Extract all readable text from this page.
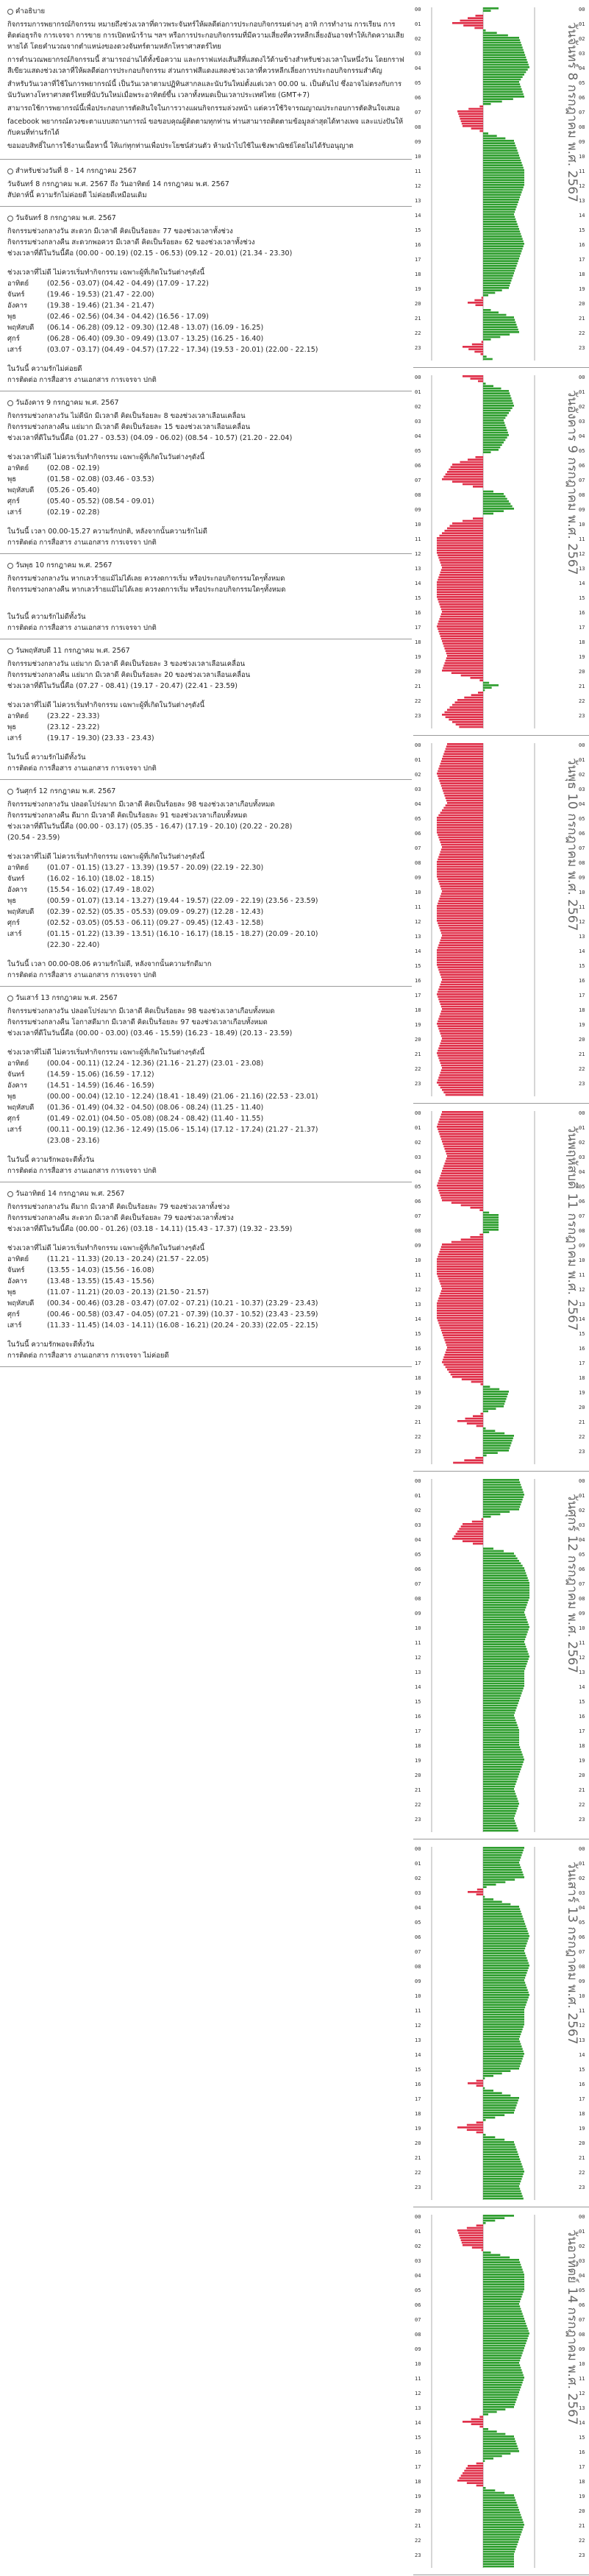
คำอธิบาย

กิจกรรมการพยากรณ์กิจกรรม หมายถึงช่วงเวลาที่ดาวพระจันทร์ให้ผลดีต่อการประกอบกิจกรรมต่างๆ อาทิ การทำงาน การเรียน การติดต่อธุรกิจ การเจรจา การขาย การเปิดหน้าร้าน ฯลฯ หรือการประกอบกิจกรรมที่มีความเสี่ยงที่ควรหลีกเลี่ยงอันอาจทำให้เกิดความเสียหายได้ โดยคำนวณจากตำแหน่งของดวงจันทร์ตามหลักโหราศาสตร์ไทย

การคำนวณพยากรณ์กิจกรรมนี้ สามารถอ่านได้ทั้งข้อความ และกราฟแท่งเส้นสีที่แสดงไว้ด้านข้างสำหรับช่วงเวลาในหนึ่งวัน โดยกราฟสีเขียวแสดงช่วงเวลาที่ให้ผลดีต่อการประกอบกิจกรรม ส่วนกราฟสีแดงแสดงช่วงเวลาที่ควรหลีกเลี่ยงการประกอบกิจกรรมสำคัญ

สำหรับวันเวลาที่ใช้ในการพยากรณ์นี้ เป็นวันเวลาตามปฏิทินสากลและนับวันใหม่ตั้งแต่เวลา 00.00 น. เป็นต้นไป ซึ่งอาจไม่ตรงกับการนับวันทางโหราศาสตร์ไทยที่นับวันใหม่เมื่อพระอาทิตย์ขึ้น เวลาทั้งหมดเป็นเวลาประเทศไทย (GMT+7)

สามารถใช้การพยากรณ์นี้เพื่อประกอบการตัดสินใจในการวางแผนกิจกรรมล่วงหน้า แต่ควรใช้วิจารณญาณประกอบการตัดสินใจเสมอ

facebook พยากรณ์ดวงชะตาแบบสถานการณ์ ขอขอบคุณผู้ติดตามทุกท่าน ท่านสามารถติดตามข้อมูลล่าสุดได้ทางเพจ และแบ่งปันให้กับคนที่ท่านรักได้

ขอมอบสิทธิ์ในการใช้งานเนื้อหานี้ ให้แก่ทุกท่านเพื่อประโยชน์ส่วนตัว ห้ามนำไปใช้ในเชิงพาณิชย์โดยไม่ได้รับอนุญาต

สำหรับช่วงวันที่ 8 - 14 กรกฎาคม 2567
วันจันทร์ 8 กรกฎาคม พ.ศ. 2567 ถึง วันอาทิตย์ 14 กรกฎาคม พ.ศ. 2567
สัปดาห์นี้ ความรักไม่ค่อยดี ไม่ค่อยดีเหมือนเดิม
วันจันทร์ 8 กรกฎาคม พ.ศ. 2567
กิจกรรมช่วงกลางวัน สะดวก มีเวลาดี คิดเป็นร้อยละ 77 ของช่วงเวลาทั้งช่วง
กิจกรรมช่วงกลางคืน สะดวกพอควร มีเวลาดี คิดเป็นร้อยละ 62 ของช่วงเวลาทั้งช่วง
ช่วงเวลาที่ดีในวันนี้คือ (00.00 - 00.19) (02.15 - 06.53) (09.12 - 20.01) (21.34 - 23.30)
ช่วงเวลาที่ไม่ดี ไม่ควรเริ่มทำกิจกรรม เฉพาะผู้ที่เกิดในวันต่างๆดังนี้
อาทิตย์	(02.56 - 03.07) (04.42 - 04.49) (17.09 - 17.22)
จันทร์	(19.46 - 19.53) (21.47 - 22.00)
อังคาร	(19.38 - 19.46) (21.34 - 21.47)
พุธ	(02.46 - 02.56) (04.34 - 04.42) (16.56 - 17.09)
พฤหัสบดี	(06.14 - 06.28) (09.12 - 09.30) (12.48 - 13.07) (16.09 - 16.25)
ศุกร์	(06.28 - 06.40) (09.30 - 09.49) (13.07 - 13.25) (16.25 - 16.40)
เสาร์	(03.07 - 03.17) (04.49 - 04.57) (17.22 - 17.34) (19.53 - 20.01) (22.00 - 22.15)
ในวันนี้ ความรักไม่ค่อยดี
การติดต่อ การสื่อสาร งานเอกสาร การเจรจา ปกติ
วันอังคาร 9 กรกฎาคม พ.ศ. 2567
กิจกรรมช่วงกลางวัน ไม่ดีนัก มีเวลาดี คิดเป็นร้อยละ 8 ของช่วงเวลาเลือนเคลื่อน
กิจกรรมช่วงกลางคืน แย่มาก มีเวลาดี คิดเป็นร้อยละ 15 ของช่วงเวลาเลือนเคลื่อน
ช่วงเวลาที่ดีในวันนี้คือ (01.27 - 03.53) (04.09 - 06.02) (08.54 - 10.57) (21.20 - 22.04)
ช่วงเวลาที่ไม่ดี ไม่ควรเริ่มทำกิจกรรม เฉพาะผู้ที่เกิดในวันต่างๆดังนี้
อาทิตย์	(02.08 - 02.19)
พุธ	(01.58 - 02.08) (03.46 - 03.53)
พฤหัสบดี	(05.26 - 05.40)
ศุกร์	(05.40 - 05.52) (08.54 - 09.01)
เสาร์	(02.19 - 02.28)
ในวันนี้ เวลา 00.00-15.27 ความรักปกติ, หลังจากนั้นความรักไม่ดี
การติดต่อ การสื่อสาร งานเอกสาร การเจรจา ปกติ
วันพุธ 10 กรกฎาคม พ.ศ. 2567
กิจกรรมช่วงกลางวัน หากเลวร้ายแม้ไม่ได้เลย ควรงดการเริ่ม หรือประกอบกิจกรรมใดๆทั้งหมด
กิจกรรมช่วงกลางคืน หากเลวร้ายแม้ไม่ได้เลย ควรงดการเริ่ม หรือประกอบกิจกรรมใดๆทั้งหมด
ในวันนี้ ความรักไม่ดีทั้งวัน
การติดต่อ การสื่อสาร งานเอกสาร การเจรจา ปกติ
วันพฤหัสบดี 11 กรกฎาคม พ.ศ. 2567
กิจกรรมช่วงกลางวัน แย่มาก มีเวลาดี คิดเป็นร้อยละ 3 ของช่วงเวลาเลือนเคลื่อน
กิจกรรมช่วงกลางคืน แย่มาก มีเวลาดี คิดเป็นร้อยละ 20 ของช่วงเวลาเลือนเคลื่อน
ช่วงเวลาที่ดีในวันนี้คือ (07.27 - 08.41) (19.17 - 20.47) (22.41 - 23.59)
ช่วงเวลาที่ไม่ดี ไม่ควรเริ่มทำกิจกรรม เฉพาะผู้ที่เกิดในวันต่างๆดังนี้
อาทิตย์	(23.22 - 23.33)
พุธ	(23.12 - 23.22)
เสาร์	(19.17 - 19.30) (23.33 - 23.43)
ในวันนี้ ความรักไม่ดีทั้งวัน
การติดต่อ การสื่อสาร งานเอกสาร การเจรจา ปกติ
วันศุกร์ 12 กรกฎาคม พ.ศ. 2567
กิจกรรมช่วงกลางวัน ปลอดโปร่งมาก มีเวลาดี คิดเป็นร้อยละ 98 ของช่วงเวลาเกือบทั้งหมด
กิจกรรมช่วงกลางคืน ดีมาก มีเวลาดี คิดเป็นร้อยละ 91 ของช่วงเวลาเกือบทั้งหมด
ช่วงเวลาที่ดีในวันนี้คือ (00.00 - 03.17) (05.35 - 16.47) (17.19 - 20.10) (20.22 - 20.28)
(20.54 - 23.59)
ช่วงเวลาที่ไม่ดี ไม่ควรเริ่มทำกิจกรรม เฉพาะผู้ที่เกิดในวันต่างๆดังนี้
อาทิตย์	(01.07 - 01.15) (13.27 - 13.39) (19.57 - 20.09) (22.19 - 22.30)
จันทร์	(16.02 - 16.10) (18.02 - 18.15)
อังคาร	(15.54 - 16.02) (17.49 - 18.02)
พุธ	(00.59 - 01.07) (13.14 - 13.27) (19.44 - 19.57) (22.09 - 22.19) (23.56 - 23.59)
พฤหัสบดี	(02.39 - 02.52) (05.35 - 05.53) (09.09 - 09.27) (12.28 - 12.43)
ศุกร์	(02.52 - 03.05) (05.53 - 06.11) (09.27 - 09.45) (12.43 - 12.58)
เสาร์	(01.15 - 01.22) (13.39 - 13.51) (16.10 - 16.17) (18.15 - 18.27) (20.09 - 20.10)
(22.30 - 22.40)
ในวันนี้ เวลา 00.00-08.06 ความรักไม่ดี, หลังจากนั้นความรักดีมาก
การติดต่อ การสื่อสาร งานเอกสาร การเจรจา ปกติ
วันเสาร์ 13 กรกฎาคม พ.ศ. 2567
กิจกรรมช่วงกลางวัน ปลอดโปร่งมาก มีเวลาดี คิดเป็นร้อยละ 98 ของช่วงเวลาเกือบทั้งหมด
กิจกรรมช่วงกลางคืน โอกาสดีมาก มีเวลาดี คิดเป็นร้อยละ 97 ของช่วงเวลาเกือบทั้งหมด
ช่วงเวลาที่ดีในวันนี้คือ (00.00 - 03.00) (03.46 - 15.59) (16.23 - 18.49) (20.13 - 23.59)
ช่วงเวลาที่ไม่ดี ไม่ควรเริ่มทำกิจกรรม เฉพาะผู้ที่เกิดในวันต่างๆดังนี้
อาทิตย์	(00.04 - 00.11) (12.24 - 12.36) (21.16 - 21.27) (23.01 - 23.08)
จันทร์	(14.59 - 15.06) (16.59 - 17.12)
อังคาร	(14.51 - 14.59) (16.46 - 16.59)
พุธ	(00.00 - 00.04) (12.10 - 12.24) (18.41 - 18.49) (21.06 - 21.16) (22.53 - 23.01)
พฤหัสบดี	(01.36 - 01.49) (04.32 - 04.50) (08.06 - 08.24) (11.25 - 11.40)
ศุกร์	(01.49 - 02.01) (04.50 - 05.08) (08.24 - 08.42) (11.40 - 11.55)
เสาร์	(00.11 - 00.19) (12.36 - 12.49) (15.06 - 15.14) (17.12 - 17.24) (21.27 - 21.37)
(23.08 - 23.16)
ในวันนี้ ความรักพอจะดีทั้งวัน
การติดต่อ การสื่อสาร งานเอกสาร การเจรจา ปกติ
วันอาทิตย์ 14 กรกฎาคม พ.ศ. 2567
กิจกรรมช่วงกลางวัน ดีมาก มีเวลาดี คิดเป็นร้อยละ 79 ของช่วงเวลาทั้งช่วง
กิจกรรมช่วงกลางคืน สะดวก มีเวลาดี คิดเป็นร้อยละ 79 ของช่วงเวลาทั้งช่วง
ช่วงเวลาที่ดีในวันนี้คือ (00.00 - 01.26) (03.18 - 14.11) (15.43 - 17.37) (19.32 - 23.59)
ช่วงเวลาที่ไม่ดี ไม่ควรเริ่มทำกิจกรรม เฉพาะผู้ที่เกิดในวันต่างๆดังนี้
อาทิตย์	(11.21 - 11.33) (20.13 - 20.24) (21.57 - 22.05)
จันทร์	(13.55 - 14.03) (15.56 - 16.08)
อังคาร	(13.48 - 13.55) (15.43 - 15.56)
พุธ	(11.07 - 11.21) (20.03 - 20.13) (21.50 - 21.57)
พฤหัสบดี	(00.34 - 00.46) (03.28 - 03.47) (07.02 - 07.21) (10.21 - 10.37) (23.29 - 23.43)
ศุกร์	(00.46 - 00.58) (03.47 - 04.05) (07.21 - 07.39) (10.37 - 10.52) (23.43 - 23.59)
เสาร์	(11.33 - 11.45) (14.03 - 14.11) (16.08 - 16.21) (20.24 - 20.33) (22.05 - 22.15)
ในวันนี้ ความรักพอจะดีทั้งวัน
การติดต่อ การสื่อสาร งานเอกสาร การเจรจา ไม่ค่อยดี
00	00
01	01
02	02
03	03
04	04
05	05
06	06
07	07
08	08
09	09
10	10
11	11
12	12
13	13
14	14
15	15
16	16
17	17
18	18
19	19
20	20
21	21
22	22
23	23
วันจันทร์ 8 กรกฎาคม พ.ศ. 2567
00	00
01	01
02	02
03	03
04	04
05	05
06	06
07	07
08	08
09	09
10	10
11	11
12	12
13	13
14	14
15	15
16	16
17	17
18	18
19	19
20	20
21	21
22	22
23	23
วันอังคาร 9 กรกฎาคม พ.ศ. 2567
00	00
01	01
02	02
03	03
04	04
05	05
06	06
07	07
08	08
09	09
10	10
11	11
12	12
13	13
14	14
15	15
16	16
17	17
18	18
19	19
20	20
21	21
22	22
23	23
วันพุธ 10 กรกฎาคม พ.ศ. 2567
00	00
01	01
02	02
03	03
04	04
05	05
06	06
07	07
08	08
09	09
10	10
11	11
12	12
13	13
14	14
15	15
16	16
17	17
18	18
19	19
20	20
21	21
22	22
23	23
วันพฤหัสบดี 11 กรกฎาคม พ.ศ. 2567
00	00
01	01
02	02
03	03
04	04
05	05
06	06
07	07
08	08
09	09
10	10
11	11
12	12
13	13
14	14
15	15
16	16
17	17
18	18
19	19
20	20
21	21
22	22
23	23
วันศุกร์ 12 กรกฎาคม พ.ศ. 2567
00	00
01	01
02	02
03	03
04	04
05	05
06	06
07	07
08	08
09	09
10	10
11	11
12	12
13	13
14	14
15	15
16	16
17	17
18	18
19	19
20	20
21	21
22	22
23	23
วันเสาร์ 13 กรกฎาคม พ.ศ. 2567
00	00
01	01
02	02
03	03
04	04
05	05
06	06
07	07
08	08
09	09
10	10
11	11
12	12
13	13
14	14
15	15
16	16
17	17
18	18
19	19
20	20
21	21
22	22
23	23
วันอาทิตย์ 14 กรกฎาคม พ.ศ. 2567
